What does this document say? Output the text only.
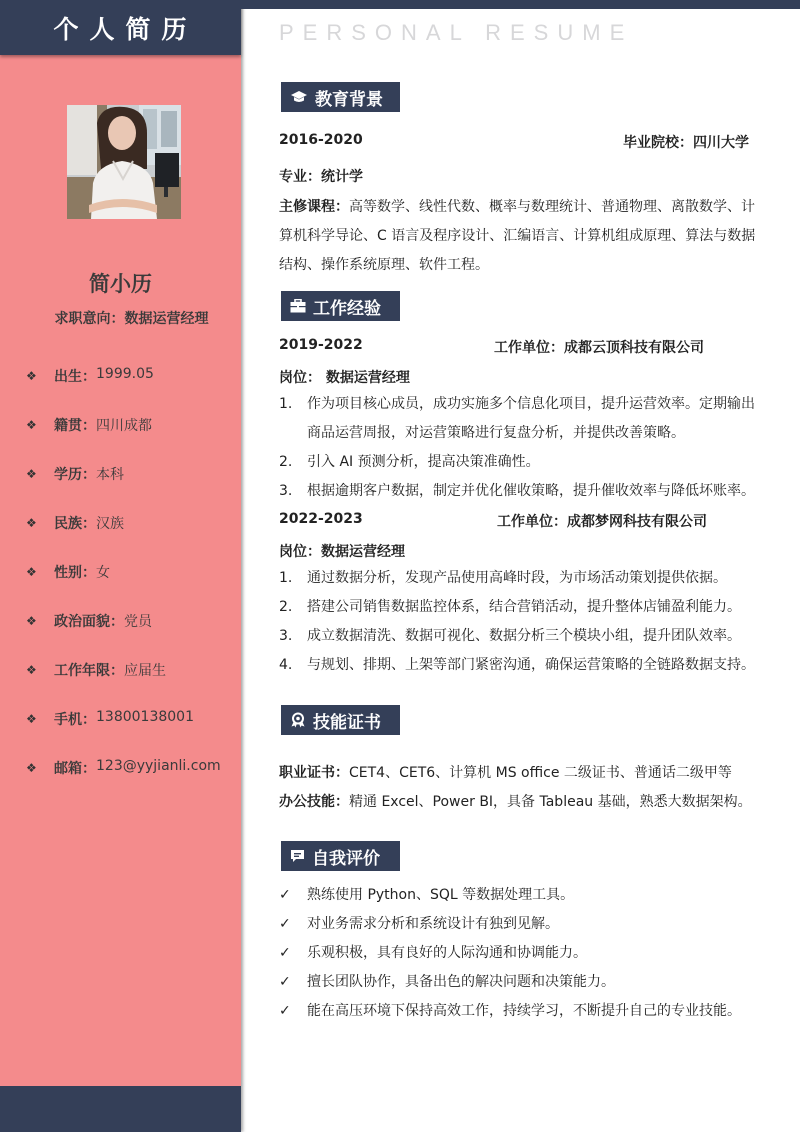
个人简历
简小历
求职意向：数据运营经理
❖	出生： 1999.05
❖	籍贯： 四川成都
❖	学历： 本科
❖	民族： 汉族
❖	性别： 女
❖	政治面貌： 党员
❖	工作年限： 应届生
❖	手机： 13800138001
❖	邮箱： 123@yyjianli.com
PERSONAL RESUME
教育背景
2016-2020	毕业院校：四川大学
专业：统计学
主修课程：高等数学、线性代数、概率与数理统计、普通物理、离散数学、计算机科学导论、C 语言及程序设计、汇编语言、计算机组成原理、算法与数据结构、操作系统原理、软件工程。
工作经验
2019-2022	工作单位：成都云顶科技有限公司
岗位： 数据运营经理
1.	作为项目核心成员，成功实施多个信息化项目，提升运营效率。定期输出商品运营周报，对运营策略进行复盘分析，并提供改善策略。
2.	引入 AI 预测分析，提高决策准确性。
3.	根据逾期客户数据，制定并优化催收策略，提升催收效率与降低坏账率。
2022-2023	工作单位：成都梦网科技有限公司
岗位：数据运营经理
1.	通过数据分析，发现产品使用高峰时段，为市场活动策划提供依据。
2.	搭建公司销售数据监控体系，结合营销活动，提升整体店铺盈利能力。
3.	成立数据清洗、数据可视化、数据分析三个模块小组，提升团队效率。
4.	与规划、排期、上架等部门紧密沟通，确保运营策略的全链路数据支持。
技能证书
职业证书：CET4、CET6、计算机 MS office 二级证书、普通话二级甲等
办公技能：精通 Excel、Power BI，具备 Tableau 基础，熟悉大数据架构。
自我评价
✓	熟练使用 Python、SQL 等数据处理工具。
✓	对业务需求分析和系统设计有独到见解。
✓	乐观积极，具有良好的人际沟通和协调能力。
✓	擅长团队协作，具备出色的解决问题和决策能力。
✓	能在高压环境下保持高效工作，持续学习，不断提升自己的专业技能。
